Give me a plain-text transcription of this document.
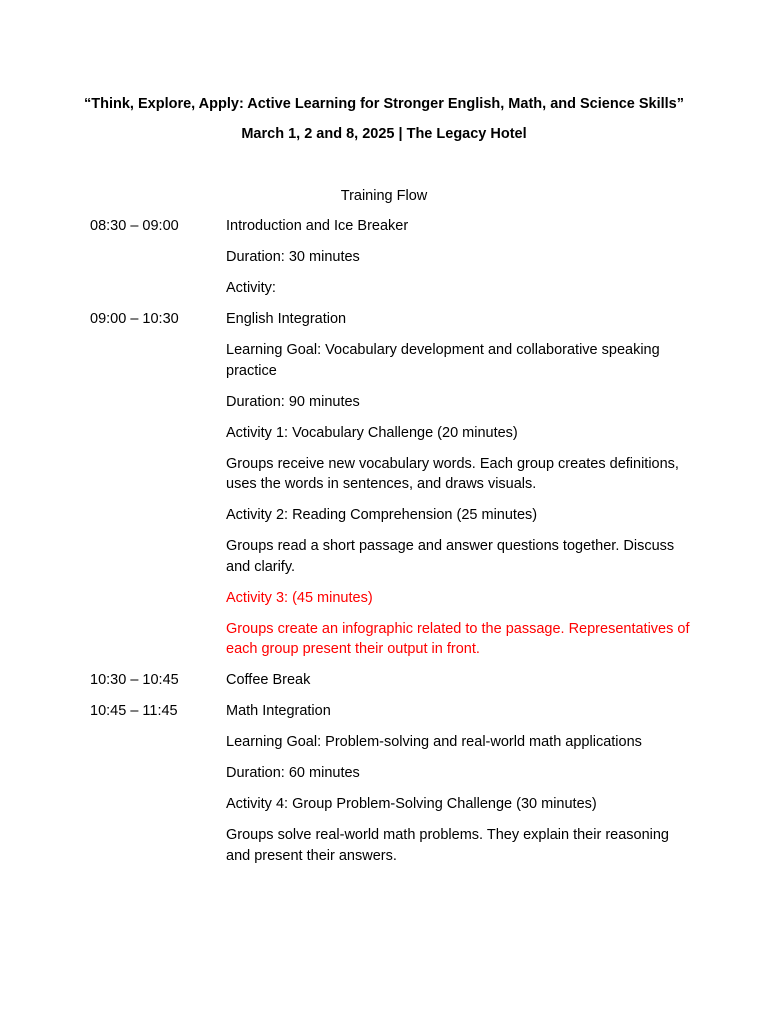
“Think, Explore, Apply: Active Learning for Stronger English, Math, and Science Skills”
March 1, 2 and 8, 2025 | The Legacy Hotel
Training Flow
08:30 – 09:00	Introduction and Ice Breaker

Duration: 30 minutes

Activity:

09:00 – 10:30	English Integration

Learning Goal: Vocabulary development and collaborative speaking practice

Duration: 90 minutes

Activity 1: Vocabulary Challenge (20 minutes)

Groups receive new vocabulary words. Each group creates definitions, uses the words in sentences, and draws visuals.

Activity 2: Reading Comprehension (25 minutes)

Groups read a short passage and answer questions together. Discuss and clarify.

Activity 3: (45 minutes)

Groups create an infographic related to the passage. Representatives of each group present their output in front.

10:30 – 10:45	Coffee Break

10:45 – 11:45	Math Integration

Learning Goal: Problem-solving and real-world math applications

Duration: 60 minutes

Activity 4: Group Problem-Solving Challenge (30 minutes)

Groups solve real-world math problems. They explain their reasoning and present their answers.
